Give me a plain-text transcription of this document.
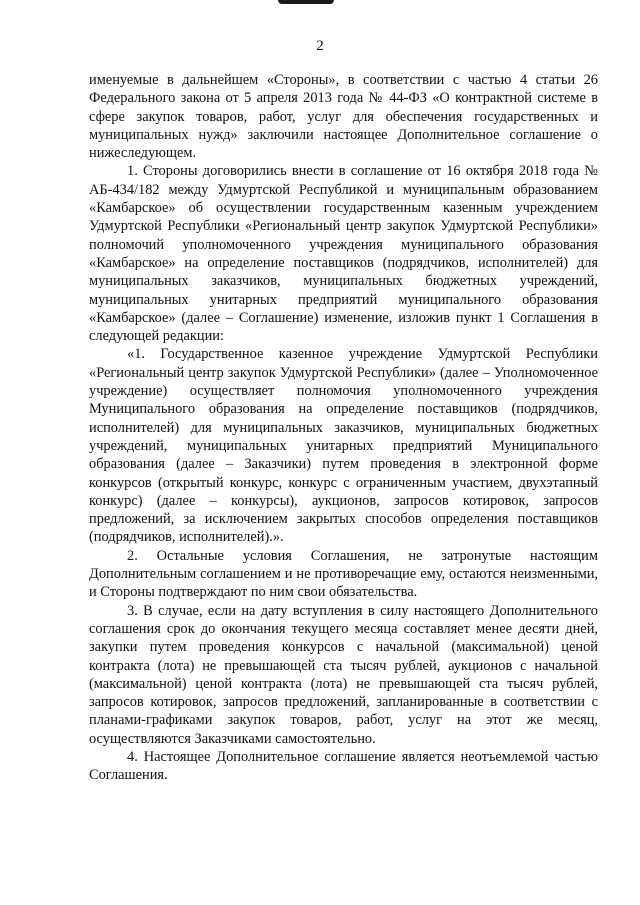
2

именуемые в дальнейшем «Стороны», в соответствии с частью 4 статьи 26 Федерального закона от 5 апреля 2013 года № 44-ФЗ «О контрактной системе в сфере закупок товаров, работ, услуг для обеспечения государственных и муниципальных нужд» заключили настоящее Дополнительное соглашение о нижеследующем.

1. Стороны договорились внести в соглашение от 16 октября 2018 года № АБ-434/182 между Удмуртской Республикой и муниципальным образованием «Камбарское» об осуществлении государственным казенным учреждением Удмуртской Республики «Региональный центр закупок Удмуртской Республики» полномочий уполномоченного учреждения муниципального образования «Камбарское» на определение поставщиков (подрядчиков, исполнителей) для муниципальных заказчиков, муниципальных бюджетных учреждений, муниципальных унитарных предприятий муниципального образования «Камбарское» (далее – Соглашение) изменение, изложив пункт 1 Соглашения в следующей редакции:

«1. Государственное казенное учреждение Удмуртской Республики «Региональный центр закупок Удмуртской Республики» (далее – Уполномоченное учреждение) осуществляет полномочия уполномоченного учреждения Муниципального образования на определение поставщиков (подрядчиков, исполнителей) для муниципальных заказчиков, муниципальных бюджетных учреждений, муниципальных унитарных предприятий Муниципального образования (далее – Заказчики) путем проведения в электронной форме конкурсов (открытый конкурс, конкурс с ограниченным участием, двухэтапный конкурс) (далее – конкурсы), аукционов, запросов котировок, запросов предложений, за исключением закрытых способов определения поставщиков (подрядчиков, исполнителей).».

2. Остальные условия Соглашения, не затронутые настоящим Дополнительным соглашением и не противоречащие ему, остаются неизменными, и Стороны подтверждают по ним свои обязательства.

3. В случае, если на дату вступления в силу настоящего Дополнительного соглашения срок до окончания текущего месяца составляет менее десяти дней, закупки путем проведения конкурсов с начальной (максимальной) ценой контракта (лота) не превышающей ста тысяч рублей, аукционов с начальной (максимальной) ценой контракта (лота) не превышающей ста тысяч рублей, запросов котировок, запросов предложений, запланированные в соответствии с планами-графиками закупок товаров, работ, услуг на этот же месяц, осуществляются Заказчиками самостоятельно.

4. Настоящее Дополнительное соглашение является неотъемлемой частью Соглашения.
